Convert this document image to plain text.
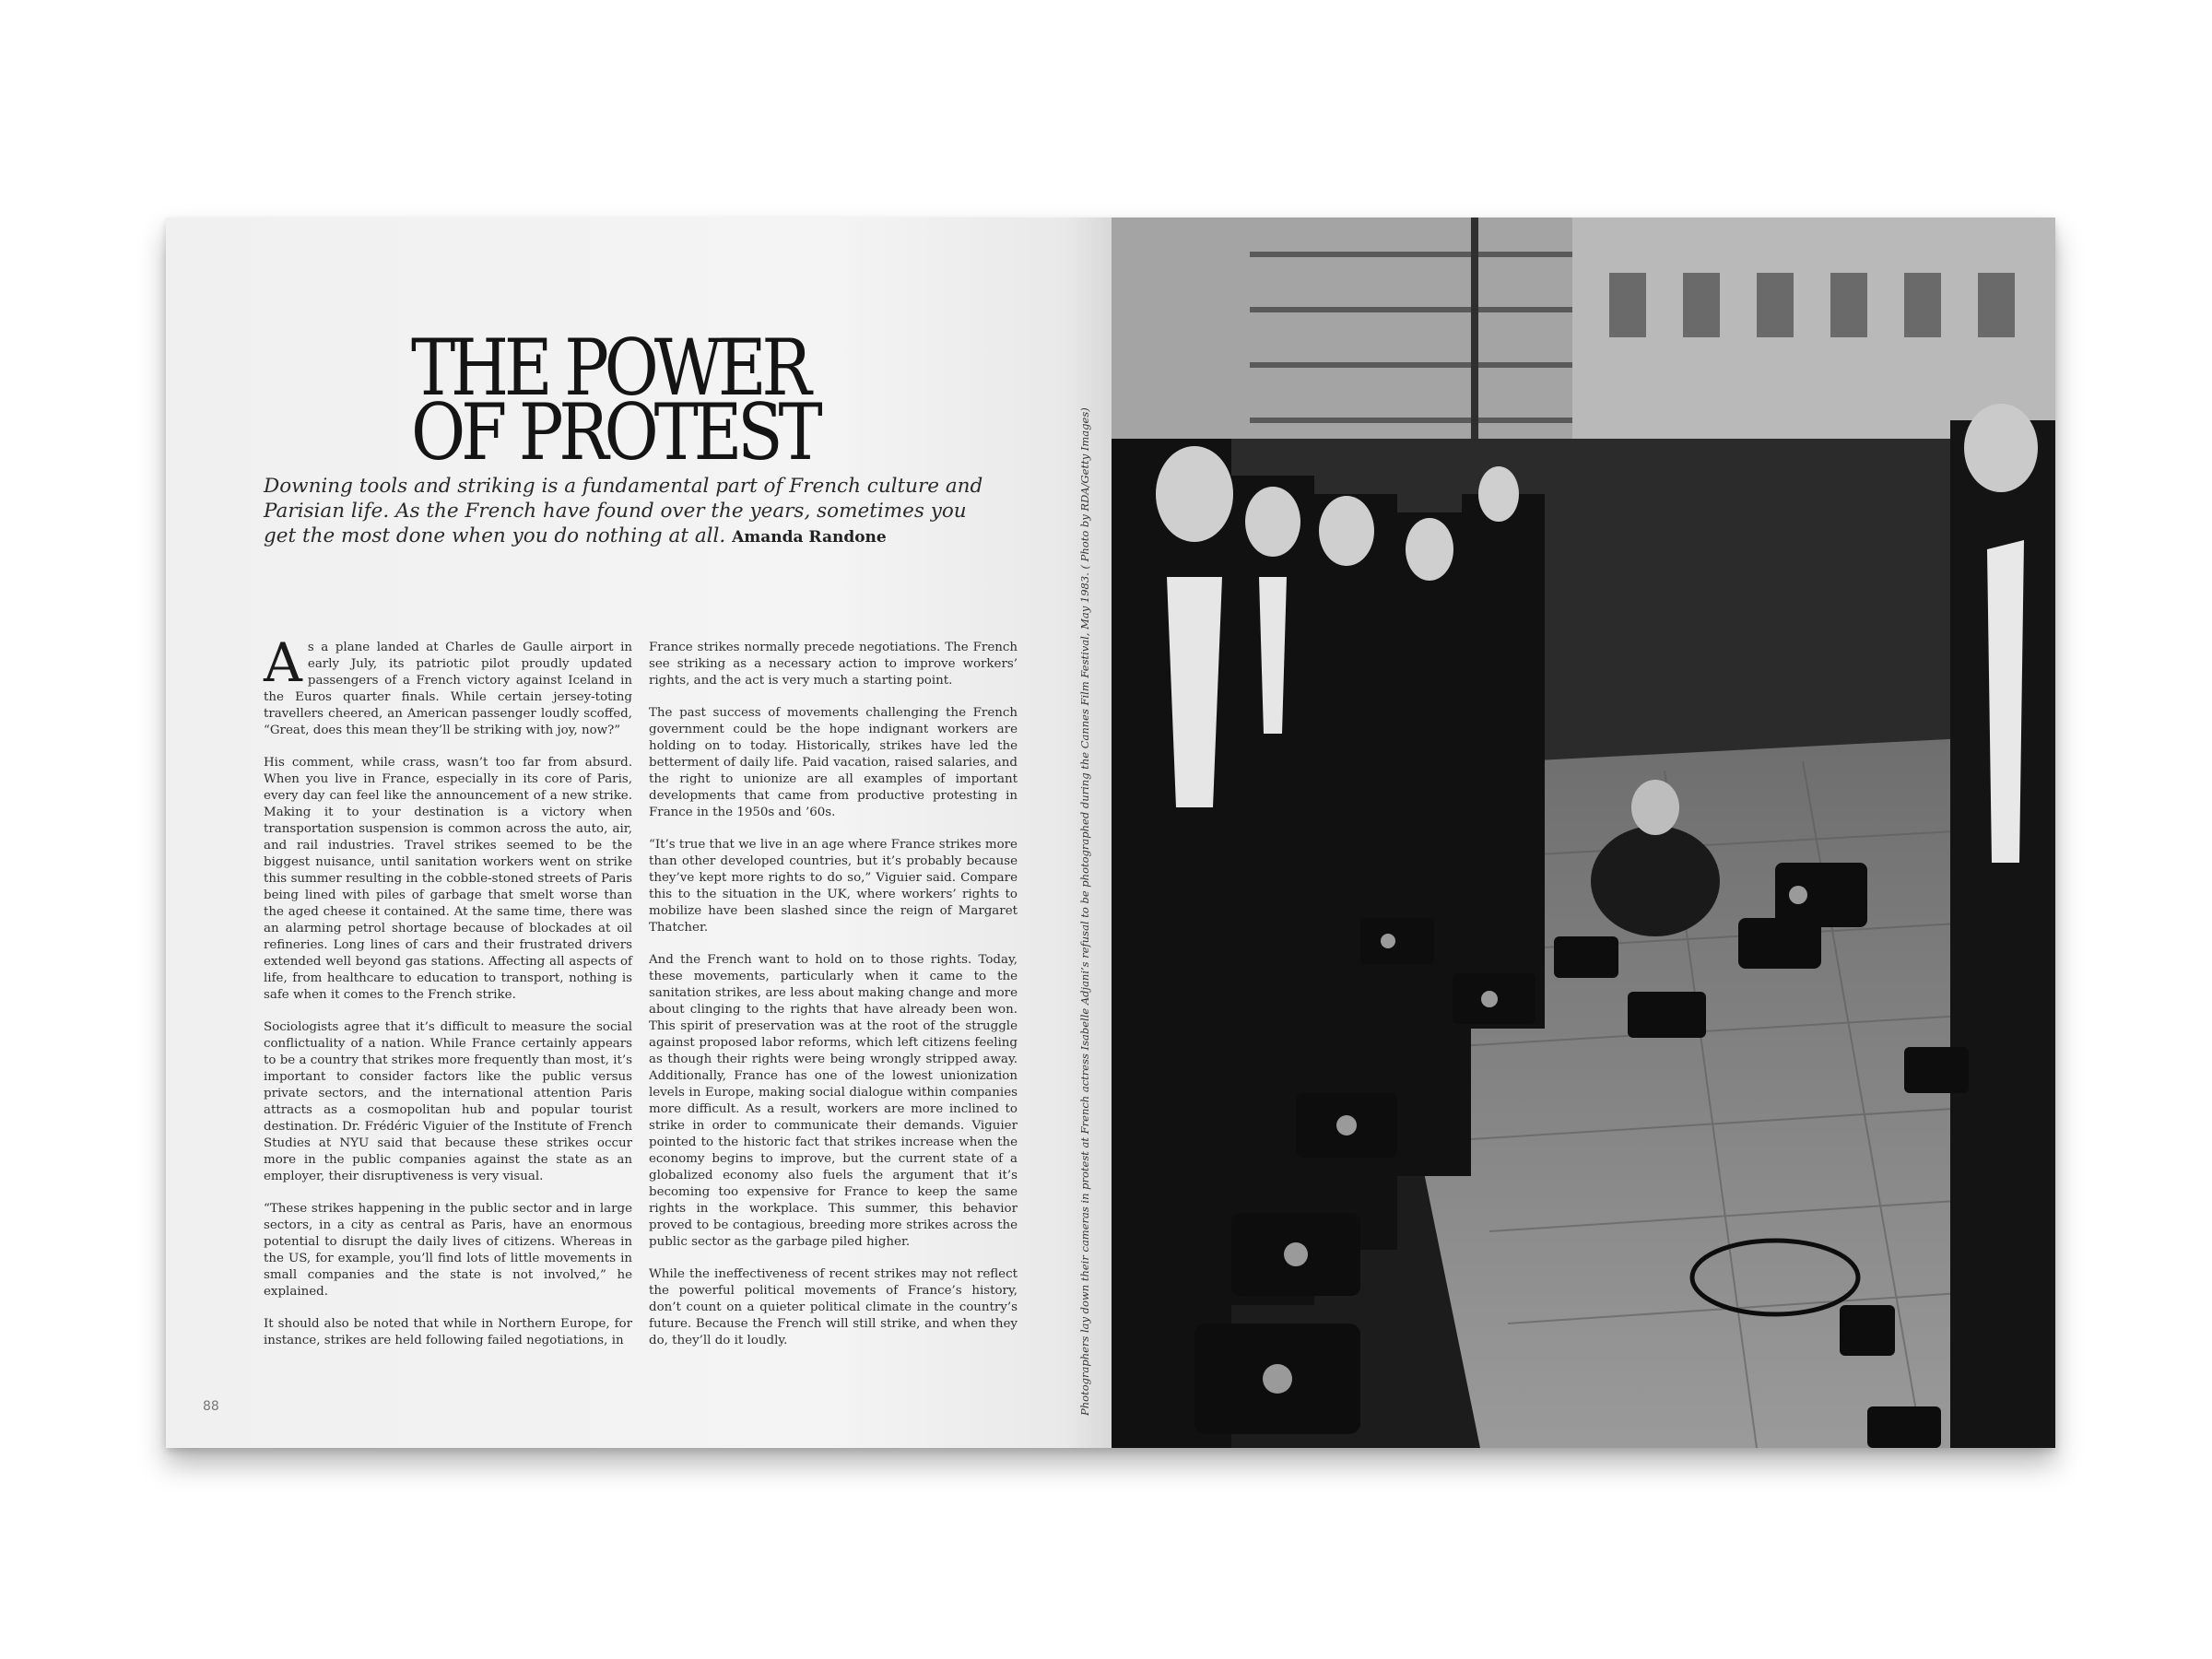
THE POWER
OF PROTEST
Downing tools and striking is a fundamental part of French culture and Parisian life. As the French have found over the years, sometimes you get the most done when you do nothing at all. Amanda Randone

As a plane landed at Charles de Gaulle airport in early July, its patriotic pilot proudly updated passengers of a French victory against Iceland in the Euros quarter finals. While certain jersey-toting travellers cheered, an American passenger loudly scoffed, “Great, does this mean they’ll be striking with joy, now?”

His comment, while crass, wasn’t too far from absurd. When you live in France, especially in its core of Paris, every day can feel like the announcement of a new strike. Making it to your destination is a victory when transportation suspension is common across the auto, air, and rail industries. Travel strikes seemed to be the biggest nuisance, until sanitation workers went on strike this summer resulting in the cobble-stoned streets of Paris being lined with piles of garbage that smelt worse than the aged cheese it contained. At the same time, there was an alarming petrol shortage because of blockades at oil refineries. Long lines of cars and their frustrated drivers extended well beyond gas stations. Affecting all aspects of life, from healthcare to education to transport, nothing is safe when it comes to the French strike.

Sociologists agree that it’s difficult to measure the social conflictuality of a nation. While France certainly appears to be a country that strikes more frequently than most, it’s important to consider factors like the public versus private sectors, and the international attention Paris attracts as a cosmopolitan hub and popular tourist destination. Dr. Frédéric Viguier of the Institute of French Studies at NYU said that because these strikes occur more in the public companies against the state as an employer, their disruptiveness is very visual.

“These strikes happening in the public sector and in large sectors, in a city as central as Paris, have an enormous potential to disrupt the daily lives of citizens. Whereas in the US, for example, you’ll find lots of little movements in small companies and the state is not involved,” he explained.

It should also be noted that while in Northern Europe, for instance, strikes are held following failed negotiations, in

France strikes normally precede negotiations. The French see striking as a necessary action to improve workers’ rights, and the act is very much a starting point.

The past success of movements challenging the French government could be the hope indignant workers are holding on to today. Historically, strikes have led the betterment of daily life. Paid vacation, raised salaries, and the right to unionize are all examples of important developments that came from productive protesting in France in the 1950s and ’60s.

“It’s true that we live in an age where France strikes more than other developed countries, but it’s probably because they’ve kept more rights to do so,” Viguier said. Compare this to the situation in the UK, where workers’ rights to mobilize have been slashed since the reign of Margaret Thatcher.

And the French want to hold on to those rights. Today, these movements, particularly when it came to the sanitation strikes, are less about making change and more about clinging to the rights that have already been won. This spirit of preservation was at the root of the struggle against proposed labor reforms, which left citizens feeling as though their rights were being wrongly stripped away. Additionally, France has one of the lowest unionization levels in Europe, making social dialogue within companies more difficult. As a result, workers are more inclined to strike in order to communicate their demands. Viguier pointed to the historic fact that strikes increase when the economy begins to improve, but the current state of a globalized economy also fuels the argument that it’s becoming too expensive for France to keep the same rights in the workplace. This summer, this behavior proved to be contagious, breeding more strikes across the public sector as the garbage piled higher.

While the ineffectiveness of recent strikes may not reflect the powerful political movements of France’s history, don’t count on a quieter political climate in the country’s future. Because the French will still strike, and when they do, they’ll do it loudly.

88	Photographers lay down their cameras in protest at French actress Isabelle Adjani’s refusal to be photographed during the Cannes Film Festival, May 1983. ( Photo by RDA/Getty Images)
